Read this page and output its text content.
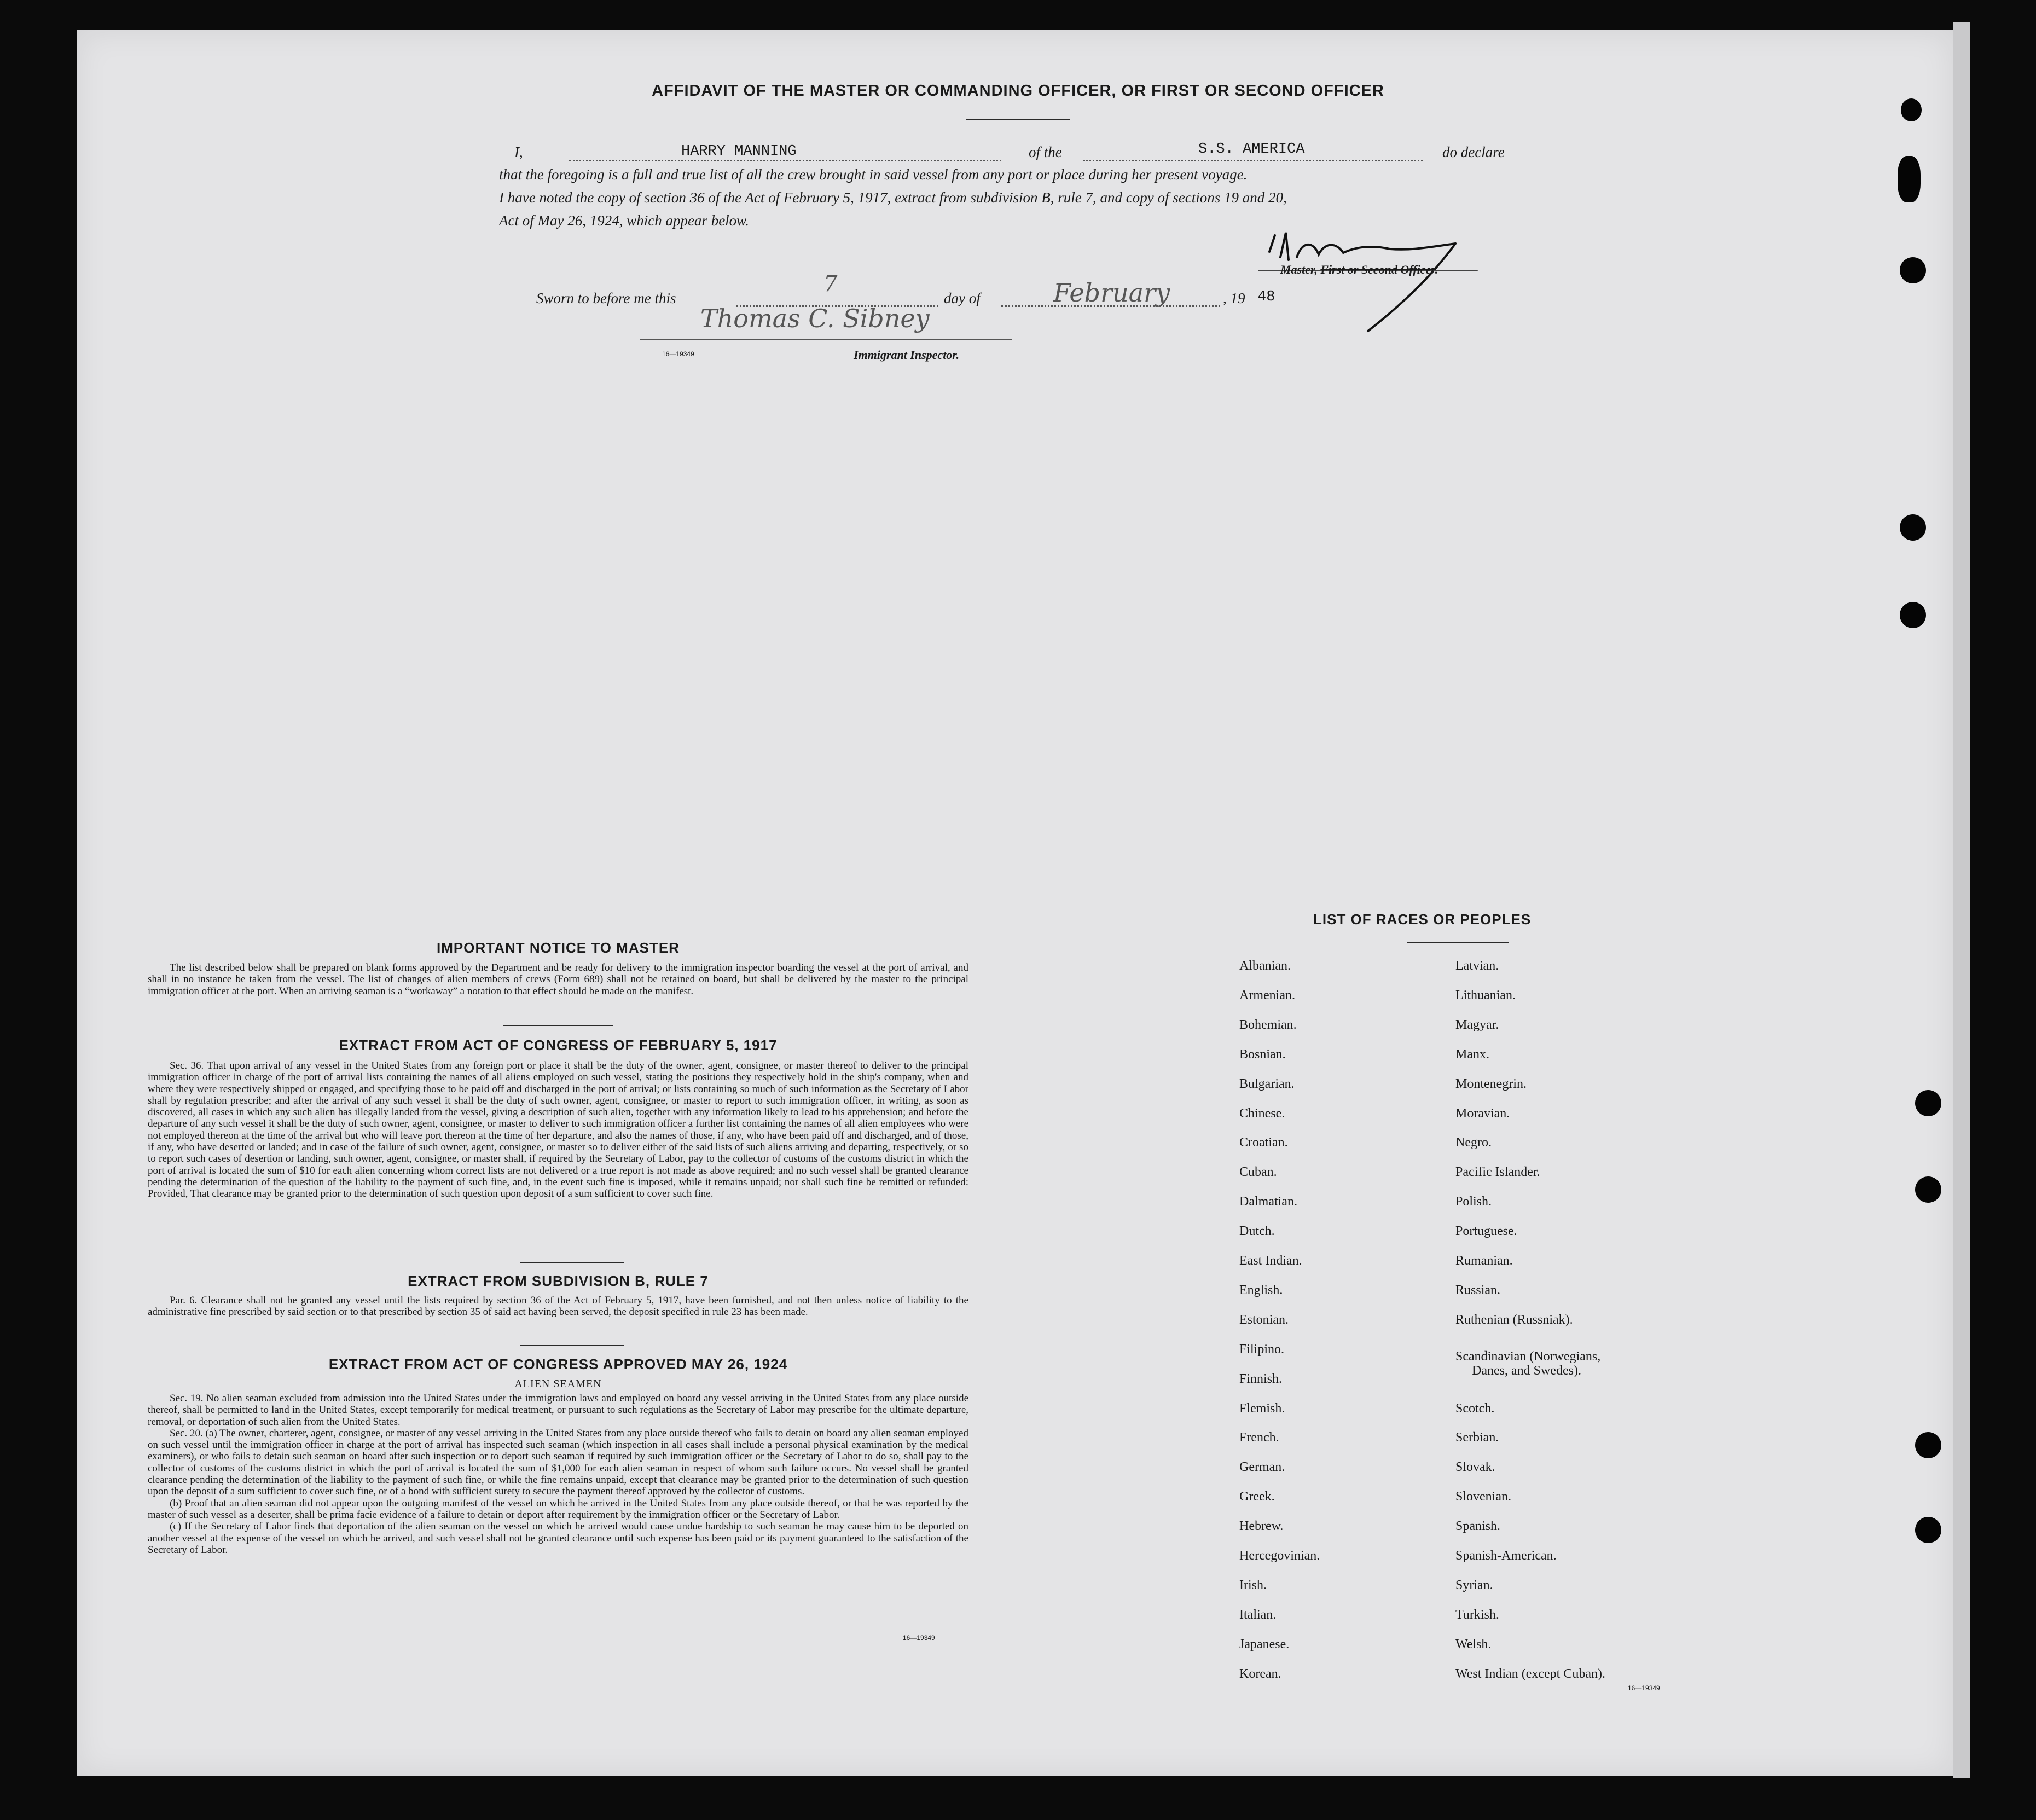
AFFIDAVIT OF THE MASTER OR COMMANDING OFFICER, OR FIRST OR SECOND OFFICER
I,	HARRY MANNING	of the	S.S. AMERICA	do declare
that the foregoing is a full and true list of all the crew brought in said vessel from any port or place during her present voyage.
I have noted the copy of section 36 of the Act of February 5, 1917, extract from subdivision B, rule 7, and copy of sections 19 and 20,
Act of May 26, 1924, which appear below.
Master, First or Second Officer.
Sworn to before me this
7
day of	February	, 19 48
Thomas C. Sibney
16—19349	Immigrant Inspector.
IMPORTANT NOTICE TO MASTER
The list described below shall be prepared on blank forms approved by the Department and be ready for delivery to the immigration inspector boarding the vessel at the port of arrival, and shall in no instance be taken from the vessel. The list of changes of alien members of crews (Form 689) shall not be retained on board, but shall be delivered by the master to the principal immigration officer at the port. When an arriving seaman is a “workaway” a notation to that effect should be made on the manifest.
EXTRACT FROM ACT OF CONGRESS OF FEBRUARY 5, 1917
Sec. 36. That upon arrival of any vessel in the United States from any foreign port or place it shall be the duty of the owner, agent, consignee, or master thereof to deliver to the principal immigration officer in charge of the port of arrival lists containing the names of all aliens employed on such vessel, stating the positions they respectively hold in the ship's company, when and where they were respectively shipped or engaged, and specifying those to be paid off and discharged in the port of arrival; or lists containing so much of such information as the Secretary of Labor shall by regulation prescribe; and after the arrival of any such vessel it shall be the duty of such owner, agent, consignee, or master to report to such immigration officer, in writing, as soon as discovered, all cases in which any such alien has illegally landed from the vessel, giving a description of such alien, together with any information likely to lead to his apprehension; and before the departure of any such vessel it shall be the duty of such owner, agent, consignee, or master to deliver to such immigration officer a further list containing the names of all alien employees who were not employed thereon at the time of the arrival but who will leave port thereon at the time of her departure, and also the names of those, if any, who have been paid off and discharged, and of those, if any, who have deserted or landed; and in case of the failure of such owner, agent, consignee, or master so to deliver either of the said lists of such aliens arriving and departing, respectively, or so to report such cases of desertion or landing, such owner, agent, consignee, or master shall, if required by the Secretary of Labor, pay to the collector of customs of the customs district in which the port of arrival is located the sum of $10 for each alien concerning whom correct lists are not delivered or a true report is not made as above required; and no such vessel shall be granted clearance pending the determination of the question of the liability to the payment of such fine, and, in the event such fine is imposed, while it remains unpaid; nor shall such fine be remitted or refunded: Provided, That clearance may be granted prior to the determination of such question upon deposit of a sum sufficient to cover such fine.
EXTRACT FROM SUBDIVISION B, RULE 7
Par. 6. Clearance shall not be granted any vessel until the lists required by section 36 of the Act of February 5, 1917, have been furnished, and not then unless notice of liability to the administrative fine prescribed by said section or to that prescribed by section 35 of said act having been served, the deposit specified in rule 23 has been made.
EXTRACT FROM ACT OF CONGRESS APPROVED MAY 26, 1924
ALIEN SEAMEN

Sec. 19. No alien seaman excluded from admission into the United States under the immigration laws and employed on board any vessel arriving in the United States from any place outside thereof, shall be permitted to land in the United States, except temporarily for medical treatment, or pursuant to such regulations as the Secretary of Labor may prescribe for the ultimate departure, removal, or deportation of such alien from the United States.

Sec. 20. (a) The owner, charterer, agent, consignee, or master of any vessel arriving in the United States from any place outside thereof who fails to detain on board any alien seaman employed on such vessel until the immigration officer in charge at the port of arrival has inspected such seaman (which inspection in all cases shall include a personal physical examination by the medical examiners), or who fails to detain such seaman on board after such inspection or to deport such seaman if required by such immigration officer or the Secretary of Labor to do so, shall pay to the collector of customs of the customs district in which the port of arrival is located the sum of $1,000 for each alien seaman in respect of whom such failure occurs. No vessel shall be granted clearance pending the determination of the liability to the payment of such fine, or while the fine remains unpaid, except that clearance may be granted prior to the determination of such question upon the deposit of a sum sufficient to cover such fine, or of a bond with sufficient surety to secure the payment thereof approved by the collector of customs.

(b) Proof that an alien seaman did not appear upon the outgoing manifest of the vessel on which he arrived in the United States from any place outside thereof, or that he was reported by the master of such vessel as a deserter, shall be prima facie evidence of a failure to detain or deport after requirement by the immigration officer or the Secretary of Labor.

(c) If the Secretary of Labor finds that deportation of the alien seaman on the vessel on which he arrived would cause undue hardship to such seaman he may cause him to be deported on another vessel at the expense of the vessel on which he arrived, and such vessel shall not be granted clearance until such expense has been paid or its payment guaranteed to the satisfaction of the Secretary of Labor.

16—19349
LIST OF RACES OR PEOPLES
Albanian.
Armenian.
Bohemian.
Bosnian.
Bulgarian.
Chinese.
Croatian.
Cuban.
Dalmatian.
Dutch.
East Indian.
English.
Estonian.
Filipino.
Finnish.
Flemish.
French.
German.
Greek.
Hebrew.
Hercegovinian.
Irish.
Italian.
Japanese.
Korean.
Latvian.
Lithuanian.
Magyar.
Manx.
Montenegrin.
Moravian.
Negro.
Pacific Islander.
Polish.
Portuguese.
Rumanian.
Russian.
Ruthenian (Russniak).
Scandinavian (Norwegians,
Danes, and Swedes).
Scotch.
Serbian.
Slovak.
Slovenian.
Spanish.
Spanish-American.
Syrian.
Turkish.
Welsh.
West Indian (except Cuban).
16—19349
